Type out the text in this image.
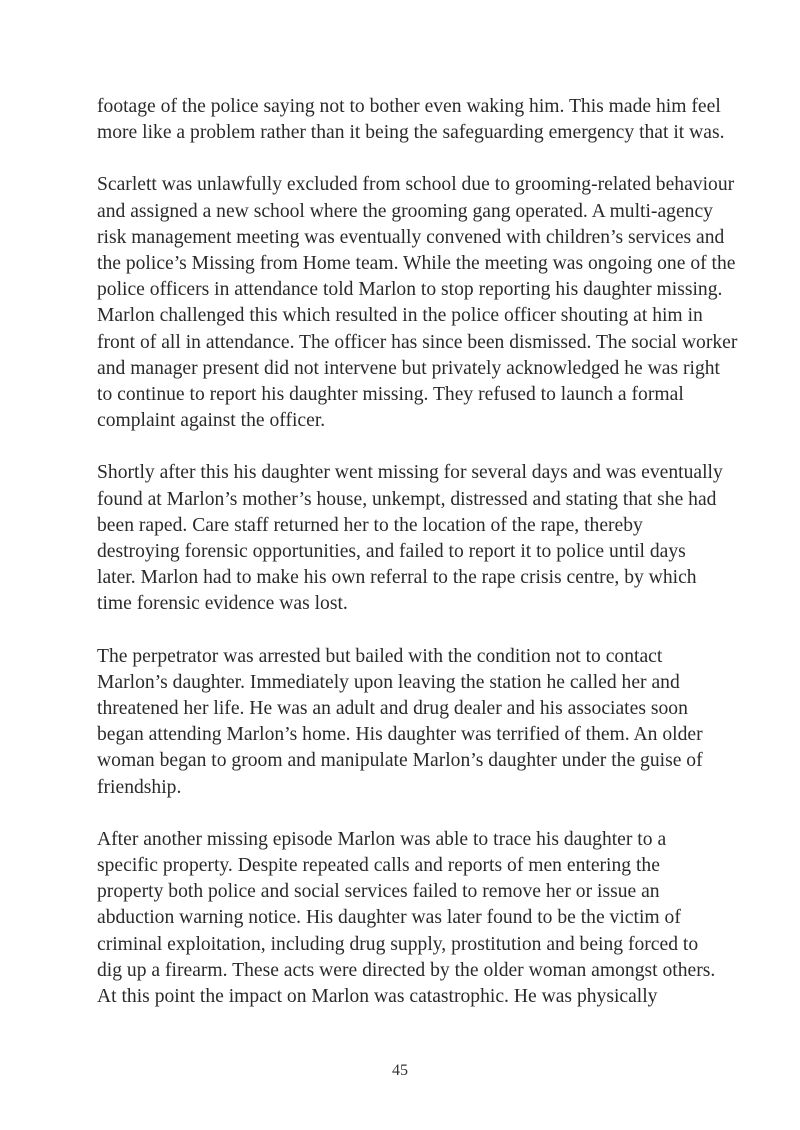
footage of the police saying not to bother even waking him. This made him feel
more like a problem rather than it being the safeguarding emergency that it was.

Scarlett was unlawfully excluded from school due to grooming-related behaviour
and assigned a new school where the grooming gang operated. A multi-agency
risk management meeting was eventually convened with children’s services and
the police’s Missing from Home team. While the meeting was ongoing one of the
police officers in attendance told Marlon to stop reporting his daughter missing.
Marlon challenged this which resulted in the police officer shouting at him in
front of all in attendance. The officer has since been dismissed. The social worker
and manager present did not intervene but privately acknowledged he was right
to continue to report his daughter missing. They refused to launch a formal
complaint against the officer.

Shortly after this his daughter went missing for several days and was eventually
found at Marlon’s mother’s house, unkempt, distressed and stating that she had
been raped. Care staff returned her to the location of the rape, thereby
destroying forensic opportunities, and failed to report it to police until days
later. Marlon had to make his own referral to the rape crisis centre, by which
time forensic evidence was lost.

The perpetrator was arrested but bailed with the condition not to contact
Marlon’s daughter. Immediately upon leaving the station he called her and
threatened her life. He was an adult and drug dealer and his associates soon
began attending Marlon’s home. His daughter was terrified of them. An older
woman began to groom and manipulate Marlon’s daughter under the guise of
friendship.

After another missing episode Marlon was able to trace his daughter to a
specific property. Despite repeated calls and reports of men entering the
property both police and social services failed to remove her or issue an
abduction warning notice. His daughter was later found to be the victim of
criminal exploitation, including drug supply, prostitution and being forced to
dig up a firearm. These acts were directed by the older woman amongst others.
At this point the impact on Marlon was catastrophic. He was physically

45
